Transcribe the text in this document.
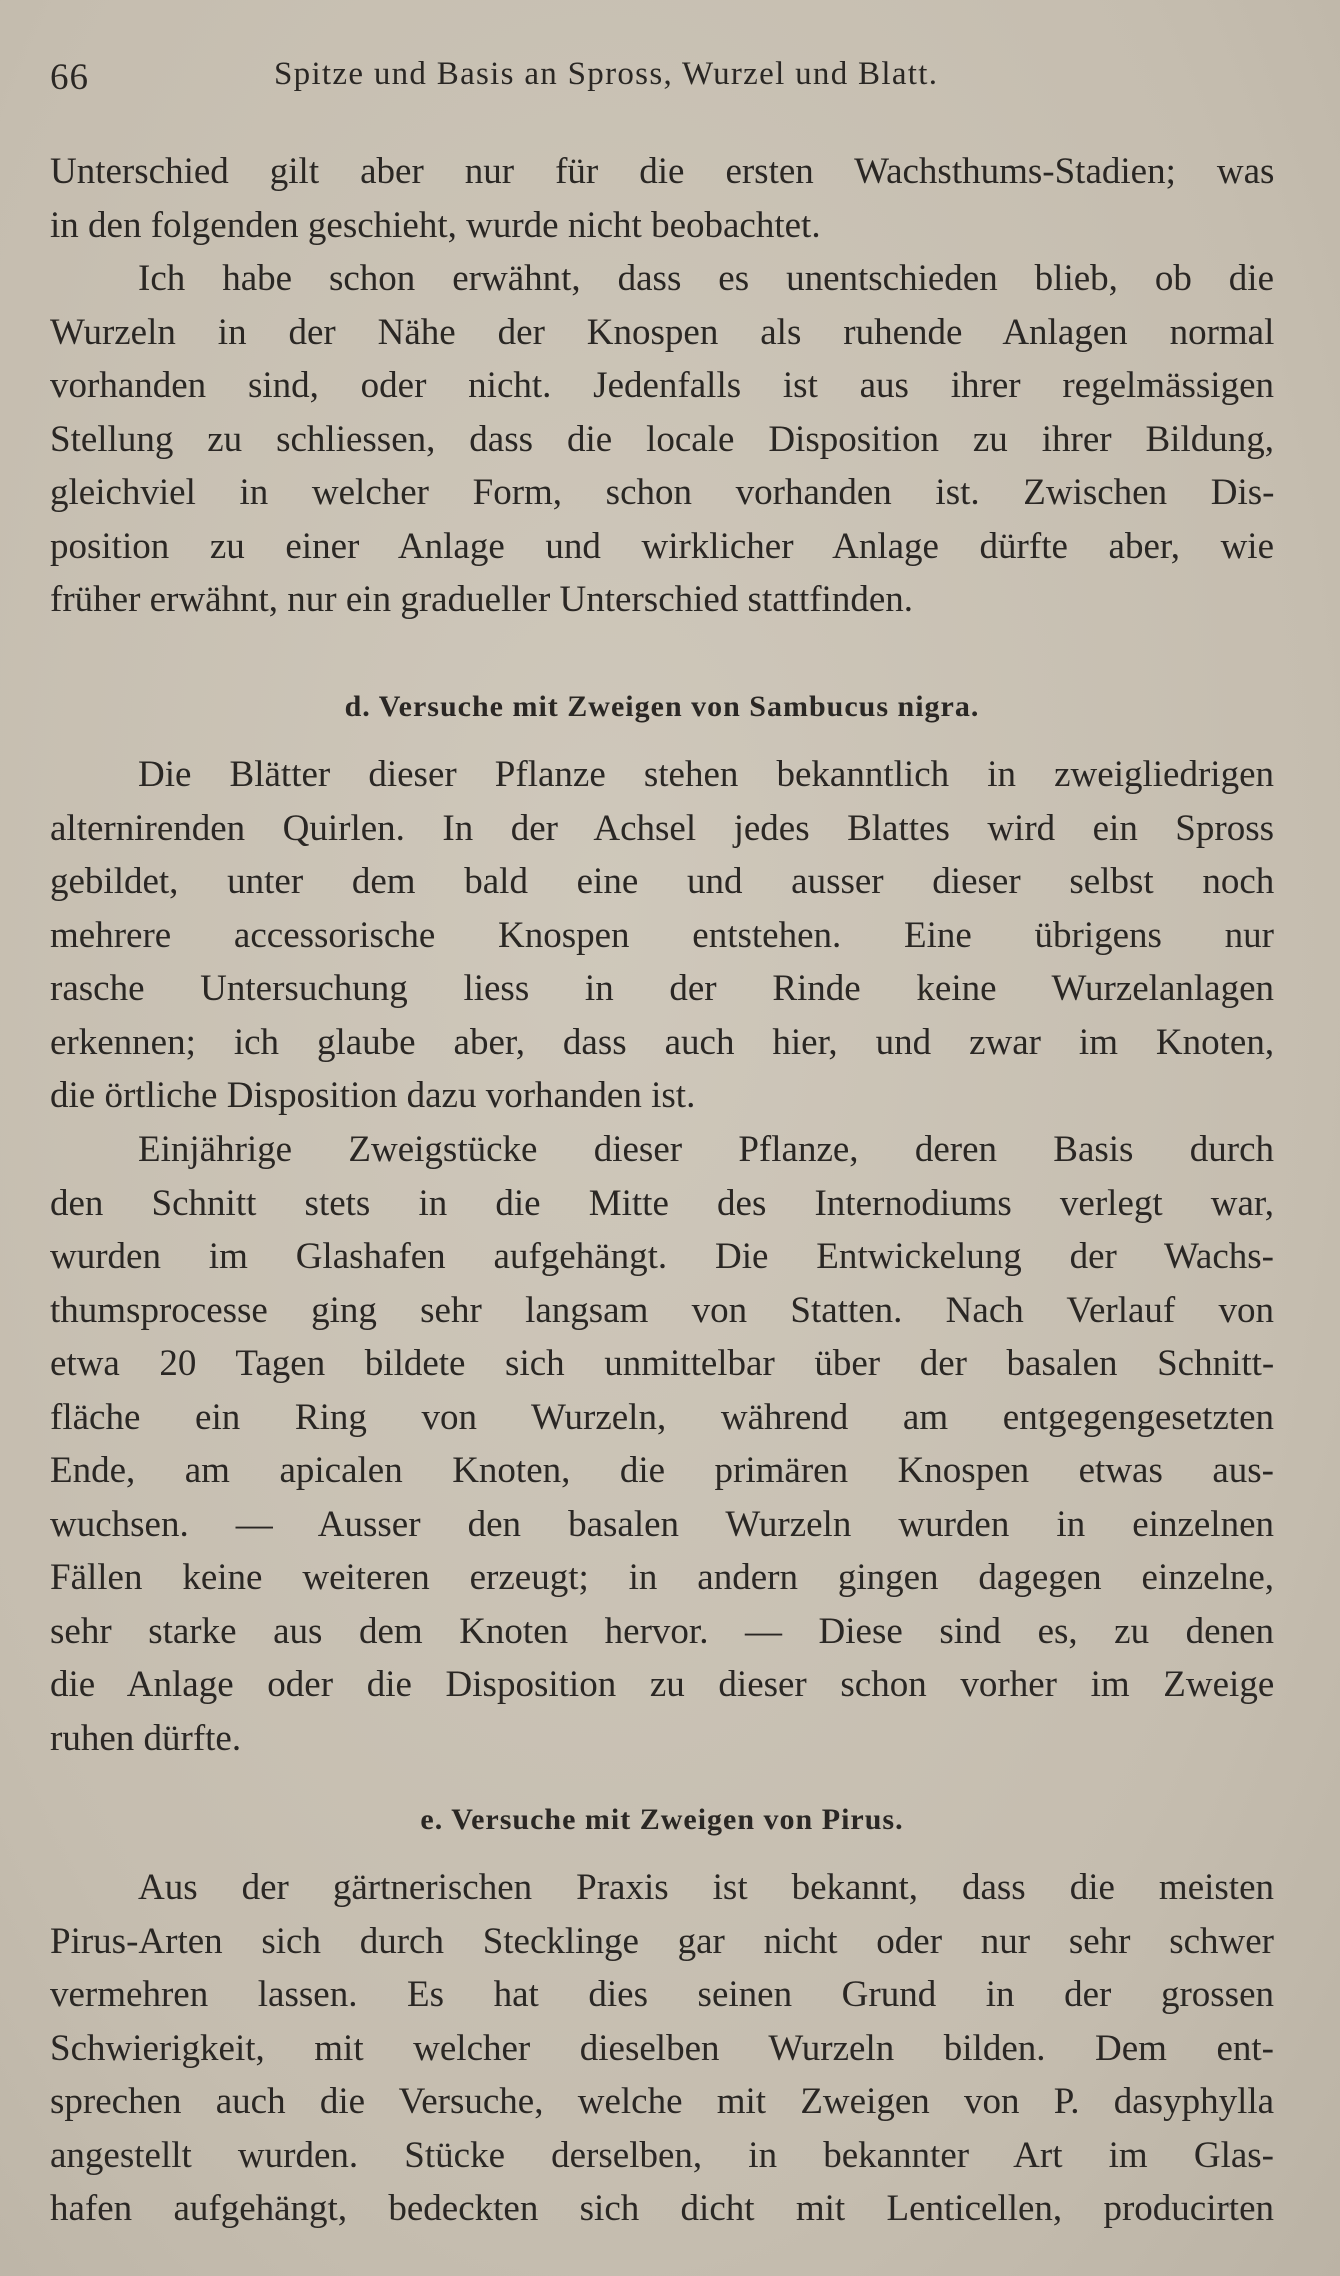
66	Spitze und Basis an Spross, Wurzel und Blatt.

Unterschied gilt aber nur für die ersten Wachsthums-Stadien; was
in den folgenden geschieht, wurde nicht beobachtet.

Ich habe schon erwähnt, dass es unentschieden blieb, ob die
Wurzeln in der Nähe der Knospen als ruhende Anlagen normal
vorhanden sind, oder nicht. Jedenfalls ist aus ihrer regelmässigen
Stellung zu schliessen, dass die locale Disposition zu ihrer Bildung,
gleichviel in welcher Form, schon vorhanden ist. Zwischen Dis-
position zu einer Anlage und wirklicher Anlage dürfte aber, wie
früher erwähnt, nur ein gradueller Unterschied stattfinden.

d. Versuche mit Zweigen von Sambucus nigra.

Die Blätter dieser Pflanze stehen bekanntlich in zweigliedrigen
alternirenden Quirlen. In der Achsel jedes Blattes wird ein Spross
gebildet, unter dem bald eine und ausser dieser selbst noch
mehrere accessorische Knospen entstehen. Eine übrigens nur
rasche Untersuchung liess in der Rinde keine Wurzelanlagen
erkennen; ich glaube aber, dass auch hier, und zwar im Knoten,
die örtliche Disposition dazu vorhanden ist.

Einjährige Zweigstücke dieser Pflanze, deren Basis durch
den Schnitt stets in die Mitte des Internodiums verlegt war,
wurden im Glashafen aufgehängt. Die Entwickelung der Wachs-
thumsprocesse ging sehr langsam von Statten. Nach Verlauf von
etwa 20 Tagen bildete sich unmittelbar über der basalen Schnitt-
fläche ein Ring von Wurzeln, während am entgegengesetzten
Ende, am apicalen Knoten, die primären Knospen etwas aus-
wuchsen. — Ausser den basalen Wurzeln wurden in einzelnen
Fällen keine weiteren erzeugt; in andern gingen dagegen einzelne,
sehr starke aus dem Knoten hervor. — Diese sind es, zu denen
die Anlage oder die Disposition zu dieser schon vorher im Zweige
ruhen dürfte.

e. Versuche mit Zweigen von Pirus.

Aus der gärtnerischen Praxis ist bekannt, dass die meisten
Pirus-Arten sich durch Stecklinge gar nicht oder nur sehr schwer
vermehren lassen. Es hat dies seinen Grund in der grossen
Schwierigkeit, mit welcher dieselben Wurzeln bilden. Dem ent-
sprechen auch die Versuche, welche mit Zweigen von P. dasyphylla
angestellt wurden. Stücke derselben, in bekannter Art im Glas-
hafen aufgehängt, bedeckten sich dicht mit Lenticellen, producirten
